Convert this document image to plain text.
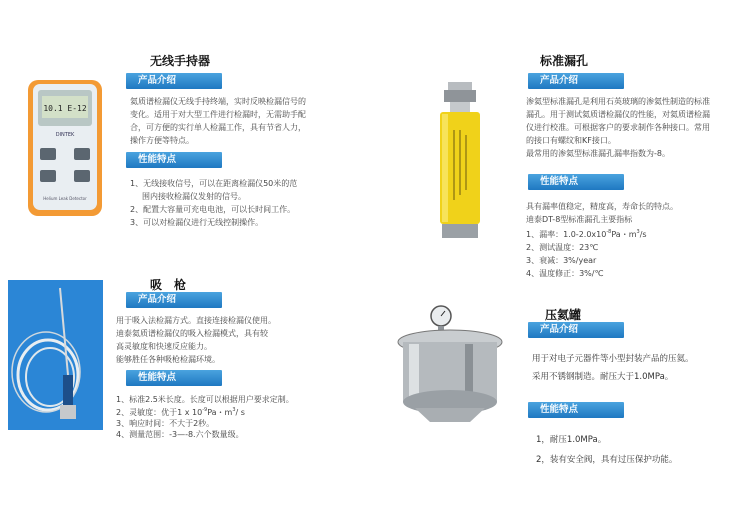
10.1 E-12
DINTEK
Helium Leak Detector
无线手持器
产品介绍
氦质谱检漏仪无线手持终端，实时反映检漏信号的
变化。适用于对大型工件进行检漏时，无需助手配
合，可方便的实行单人检漏工作，具有节省人力，
操作方便等特点。
性能特点
1、无线接收信号，可以在距离检漏仪50米的范
围内接收检漏仪发射的信号。
2、配置大容量可充电电池，可以长时间工作。
3、可以对检漏仪进行无线控制操作。
标准漏孔
产品介绍
渗氦型标准漏孔是利用石英玻璃的渗氦性制造的标准
漏孔。用于测试氦质谱检漏仪的性能，对氦质谱检漏
仪进行校准。可根据客户的要求制作各种接口。常用
的接口有螺纹和KF接口。
最常用的渗氦型标准漏孔漏率指数为-8。
性能特点
具有漏率值稳定，精度高，寿命长的特点。
迪泰DT-8型标准漏孔主要指标
1、漏率：$1.0-2.0x10^{-8}Pa$・$m^3/s$
2、测试温度：23℃
3、衰减：3%/year
4、温度修正：3%/℃
吸　枪
产品介绍
用于吸入法检漏方式。直接连接检漏仪使用。
迪泰氦质谱检漏仪的吸入检漏模式，具有较
高灵敏度和快速反应能力。
能够胜任各种吸枪检漏环境。
性能特点
1、标准2.5米长度。长度可以根据用户要求定制。
2、灵敏度：优于1 x $10^{-9}Pa$・$m^3/$ s
3、响应时间：不大于2秒。
4、测量范围：-3—-8.六个数量级。
压氦罐
产品介绍
用于对电子元器件等小型封装产品的压氦。
采用不锈钢制造。耐压大于1.0MPa。
性能特点
1，耐压1.0MPa。
2，装有安全阀，具有过压保护功能。
